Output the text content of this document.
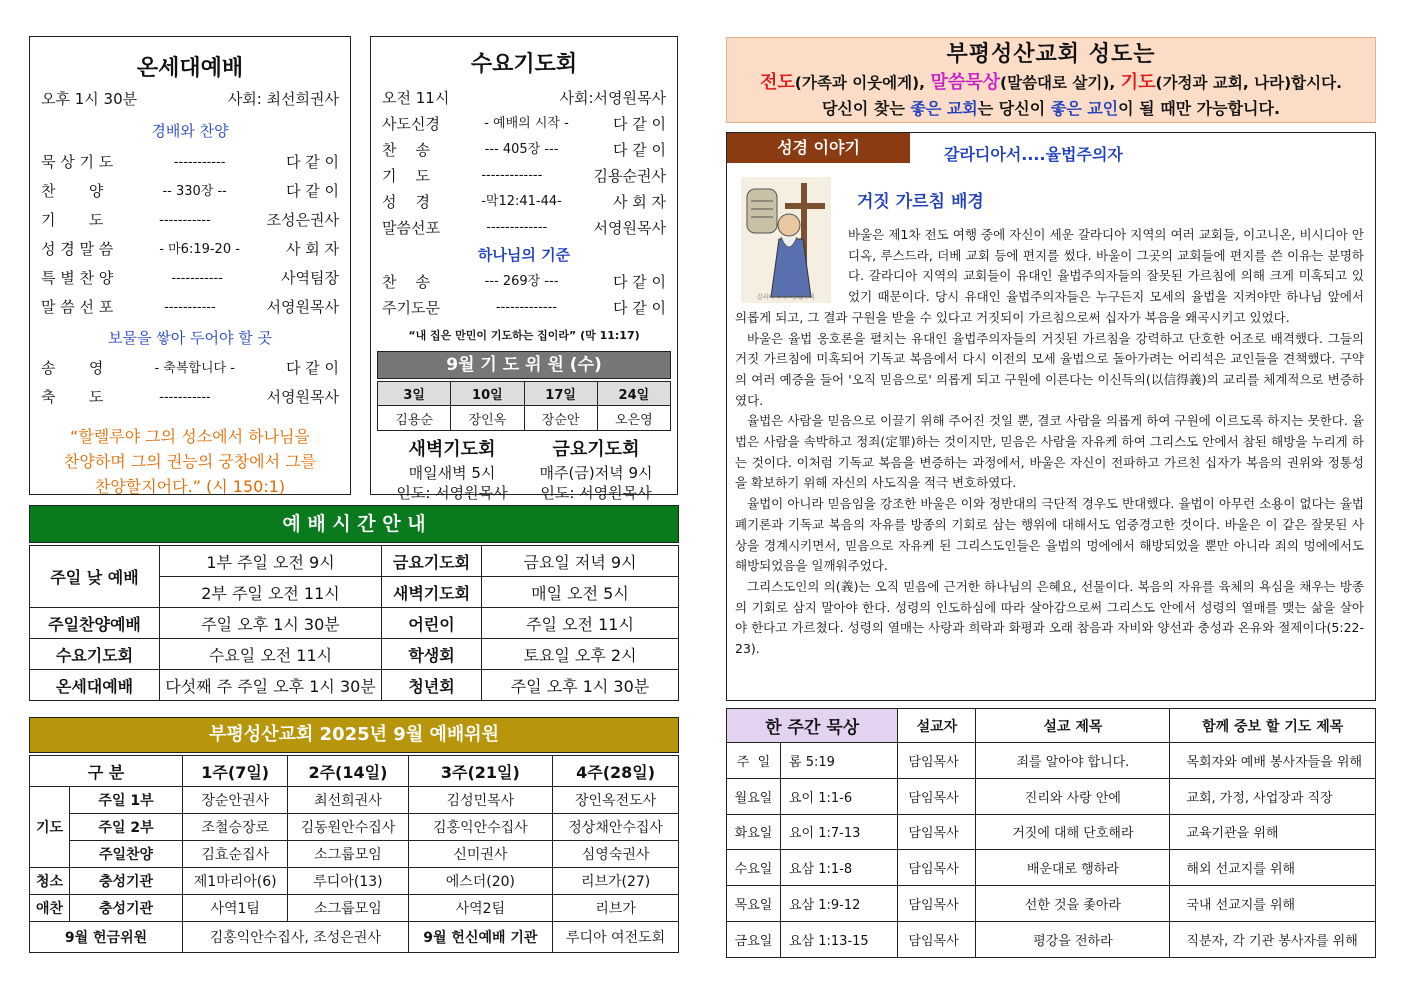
온세대예배
오후 1시 30분	사회: 최선희권사
경배와 찬양
묵 상 기 도	-----------	다 같 이
찬       양	-- 330장 --	다 같 이
기       도	-----------	조성은권사
성 경 말 씀	- 마6:19-20 -	사 회 자
특 별 찬 양	-----------	사역팀장
말 씀 선 포	-----------	서영원목사
보물을 쌓아 두어야 할 곳
송       영	- 축복합니다 -	다 같 이
축       도	-----------	서영원목사
“할렐루야 그의 성소에서 하나님을
찬양하며 그의 권능의 궁창에서 그를
찬양할지어다.” (시 150:1)
수요기도회
오전 11시	사회:서영원목사
사도신경	- 예배의 시작 -	다 같 이
찬    송	--- 405장 ---	다 같 이
기    도	-------------	김용순권사
성    경	-막12:41-44-	사 회 자
말씀선포	-------------	서영원목사
하나님의 기준
찬    송	--- 269장 ---	다 같 이
주기도문	-------------	다 같 이
“내 집은 만민이 기도하는 집이라” (막 11:17)
9월 기 도 위 원 (수)
3일	10일	17일	24일
김용순	장인옥	장순안	오은영
새벽기도회
매일새벽 5시
인도: 서영원목사
금요기도회
매주(금)저녁 9시
인도: 서영원목사
예 배 시 간 안 내
주일 낮 예배	1부 주일 오전 9시	금요기도회	금요일 저녁 9시
	2부 주일 오전 11시	새벽기도회	매일 오전 5시
주일찬양예배	주일 오후 1시 30분	어린이	주일 오전 11시
수요기도회	수요일 오전 11시	학생회	토요일 오후 2시
온세대예배	다섯째 주 주일 오후 1시 30분	청년회	주일 오후 1시 30분
부평성산교회 2025년 9월 예배위원
구 분		1주(7일)	2주(14일)	3주(21일)	4주(28일)
기도	주일 1부	장순안권사	최선희권사	김성민목사	장인옥전도사
	주일 2부	조철승장로	김동원안수집사	김홍익안수집사	정상채안수집사
	주일찬양	김효순집사	소그룹모임	신미권사	심영숙권사
청소	충성기관	제1마리아(6)	루디아(13)	에스더(20)	리브가(27)
애찬	충성기관	사역1팀	소그룹모임	사역2팀	리브가
9월 헌금위원		김홍익안수집사, 조성은권사		9월 헌신예배 기관	루디아 여전도회
부평성산교회 성도는
전도(가족과 이웃에게), 말씀묵상(말씀대로 살기), 기도(가정과 교회, 나라)합시다.
당신이 찾는 좋은 교회는 당신이 좋은 교인이 될 때만 가능합니다.
성경 이야기	갈라디아서....율법주의자
갈라디아서 · 율법주의
거짓 가르침 배경
바울은 제1차 전도 여행 중에 자신이 세운 갈라디아 지역의 여러 교회들, 이고니온, 비시디아 안디옥, 루스드라, 더베 교회 등에 편지를 썼다. 바울이 그곳의 교회들에 편지를 쓴 이유는 분명하다. 갈라디아 지역의 교회들이 유대인 율법주의자들의 잘못된 가르침에 의해 크게 미혹되고 있었기 때문이다. 당시 유대인 율법주의자들은 누구든지 모세의 율법을 지켜야만 하나님 앞에서 의롭게 되고, 그 결과 구원을 받을 수 있다고 거짓되이 가르침으로써 십자가 복음을 왜곡시키고 있었다.
바울은 율법 옹호론을 펼치는 유대인 율법주의자들의 거짓된 가르침을 강력하고 단호한 어조로 배격했다. 그들의 거짓 가르침에 미혹되어 기독교 복음에서 다시 이전의 모세 율법으로 돌아가려는 어리석은 교인들을 견책했다. 구약의 여러 예증을 들어 '오직 믿음으로' 의롭게 되고 구원에 이른다는 이신득의(以信得義)의 교리를 체계적으로 변증하였다.
율법은 사람을 믿음으로 이끌기 위해 주어진 것일 뿐, 결코 사람을 의롭게 하여 구원에 이르도록 하지는 못한다. 율법은 사람을 속박하고 정죄(定罪)하는 것이지만, 믿음은 사람을 자유케 하여 그리스도 안에서 참된 해방을 누리게 하는 것이다. 이처럼 기독교 복음을 변증하는 과정에서, 바울은 자신이 전파하고 가르친 십자가 복음의 권위와 정통성을 확보하기 위해 자신의 사도직을 적극 변호하였다.
율법이 아니라 믿음임을 강조한 바울은 이와 정반대의 극단적 경우도 반대했다. 율법이 아무런 소용이 없다는 율법 폐기론과 기독교 복음의 자유를 방종의 기회로 삼는 행위에 대해서도 엄중경고한 것이다. 바울은 이 같은 잘못된 사상을 경계시키면서, 믿음으로 자유케 된 그리스도인들은 율법의 멍에에서 해방되었을 뿐만 아니라 죄의 멍에에서도 해방되었음을 일깨워주었다.
그리스도인의 의(義)는 오직 믿음에 근거한 하나님의 은혜요, 선물이다. 복음의 자유를 육체의 욕심을 채우는 방종의 기회로 삼지 말아야 한다. 성령의 인도하심에 따라 살아감으로써 그리스도 안에서 성령의 열매를 맺는 삶을 살아야 한다고 가르쳤다. 성령의 열매는 사랑과 희락과 화평과 오래 참음과 자비와 양선과 충성과 온유와 절제이다(5:22-23).
한 주간 묵상		설교자	설교 제목	함께 중보 할 기도 제목
주  일	롬 5:19	담임목사	죄를 알아야 합니다.	목회자와 예배 봉사자들을 위해
월요일	요이 1:1-6	담임목사	진리와 사랑 안에	교회, 가정, 사업장과 직장
화요일	요이 1:7-13	담임목사	거짓에 대해 단호해라	교육기관을 위해
수요일	요삼 1:1-8	담임목사	배운대로 행하라	해외 선교지를 위해
목요일	요삼 1:9-12	담임목사	선한 것을 좇아라	국내 선교지를 위해
금요일	요삼 1:13-15	담임목사	평강을 전하라	직분자, 각 기관 봉사자를 위해
